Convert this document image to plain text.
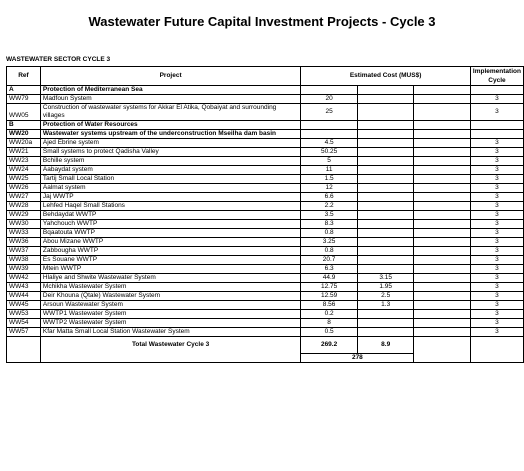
Wastewater Future Capital Investment Projects - Cycle 3
WASTEWATER SECTOR CYCLE 3
Ref	Project	Estimated Cost (MUS$)			Implementation Cycle
A	Protection of Mediterranean Sea				
WW79	Madfoun System	20			3
WW05	Construction of wastewater systems for Akkar El Atika, Qobaiyat and surrounding villages	25			3
B	Protection of Water Resources				
WW20	Wastewater systems upstream of the underconstruction Mseilha dam basin				
WW20a	Ajed Ebrine system	4.5			3
WW21	Small systems to protect Qadisha Valley	50.25			3
WW23	Bchille system	5			3
WW24	Aabaydat system	11			3
WW25	Tartij Small Local Station	1.5			3
WW26	Aalmat system	12			3
WW27	Jaj WWTP	6.6			3
WW28	Lehfed Haqel Small Stations	2.2			3
WW29	Behdaydat WWTP	3.5			3
WW30	Yahchouch WWTP	8.3			3
WW33	Bqaatouta WWTP	0.8			3
WW36	Abou Mizane WWTP	3.25			3
WW37	Zabbougha WWTP	0.8			3
WW38	Es Souane WWTP	20.7			3
WW39	Mtein WWTP	6.3			3
WW42	Hlaliye and Shwite Wastewater System	44.9	3.15		3
WW43	Mchikha Wastewater System	12.75	1.95		3
WW44	Deir Khouna (Qtale) Wastewater System	12.59	2.5		3
WW45	Arsoun Wastewater System	8.56	1.3		3
WW53	WWTP1 Wastewater System	0.2			3
WW54	WWTP2 Wastewater System	8			3
WW57	Kfar Matta Small Local Station Wastewater System	0.5			3
	Total Wastewater Cycle 3	269.2	8.9		
		278			
